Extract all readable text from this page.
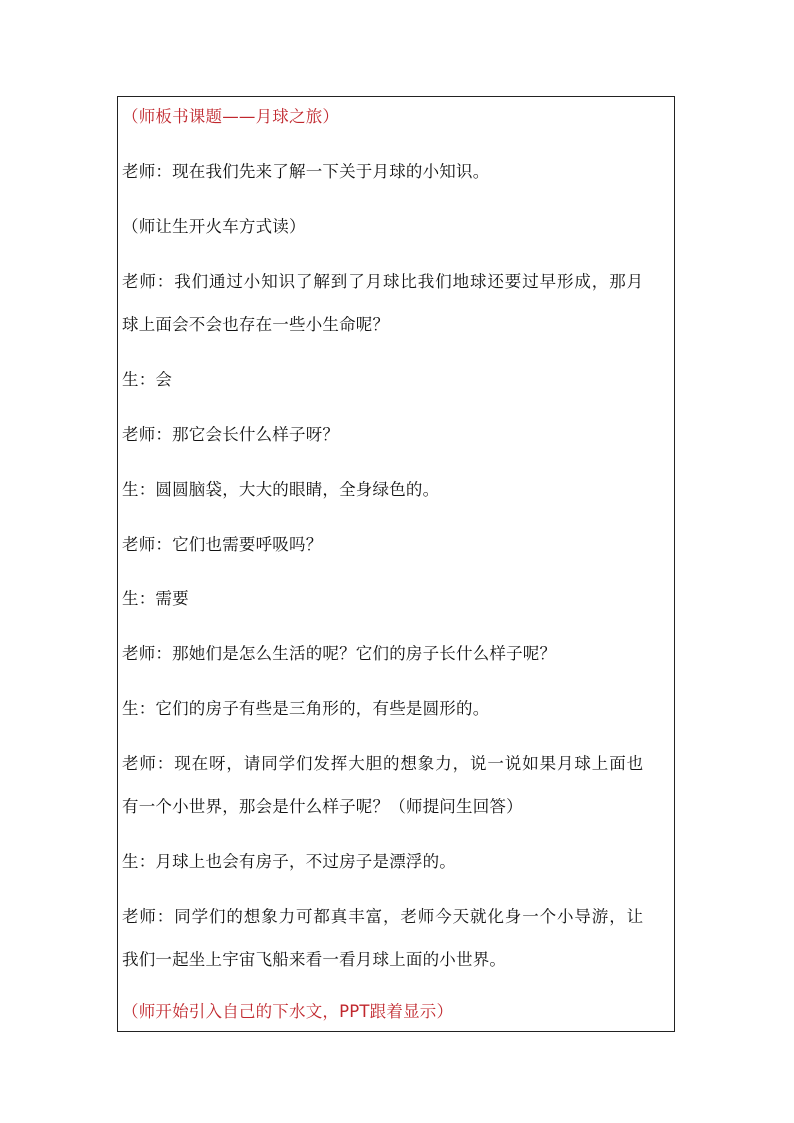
（师板书课题——月球之旅）
老师：现在我们先来了解一下关于月球的小知识。
（师让生开火车方式读）
老师：我们通过小知识了解到了月球比我们地球还要过早形成，那月
球上面会不会也存在一些小生命呢？
生：会
老师：那它会长什么样子呀？
生：圆圆脑袋，大大的眼睛，全身绿色的。
老师：它们也需要呼吸吗？
生：需要
老师：那她们是怎么生活的呢？它们的房子长什么样子呢？
生：它们的房子有些是三角形的，有些是圆形的。
老师：现在呀，请同学们发挥大胆的想象力，说一说如果月球上面也
有一个小世界，那会是什么样子呢？（师提问生回答）
生：月球上也会有房子，不过房子是漂浮的。
老师：同学们的想象力可都真丰富，老师今天就化身一个小导游，让
我们一起坐上宇宙飞船来看一看月球上面的小世界。
（师开始引入自己的下水文，PPT跟着显示）
